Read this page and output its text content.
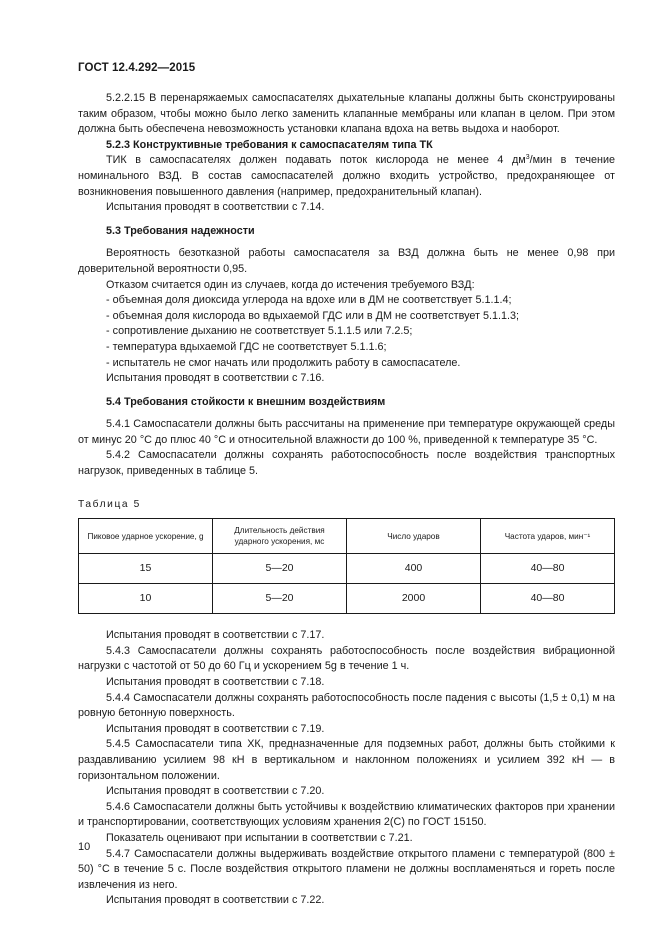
ГОСТ 12.4.292—2015
5.2.2.15 В перенаряжаемых самоспасателях дыхательные клапаны должны быть сконструированы таким образом, чтобы можно было легко заменить клапанные мембраны или клапан в целом. При этом должна быть обеспечена невозможность установки клапана вдоха на ветвь выдоха и наоборот.
5.2.3 Конструктивные требования к самоспасателям типа ТК
ТИК в самоспасателях должен подавать поток кислорода не менее 4 $дм^3$/мин в течение номинального ВЗД. В состав самоспасателей должно входить устройство, предохраняющее от возникновения повышенного давления (например, предохранительный клапан).
Испытания проводят в соответствии с 7.14.
5.3 Требования надежности
Вероятность безотказной работы самоспасателя за ВЗД должна быть не менее 0,98 при доверительной вероятности 0,95.
Отказом считается один из случаев, когда до истечения требуемого ВЗД:
- объемная доля диоксида углерода на вдохе или в ДМ не соответствует 5.1.1.4;
- объемная доля кислорода во вдыхаемой ГДС или в ДМ не соответствует 5.1.1.3;
- сопротивление дыханию не соответствует 5.1.1.5 или 7.2.5;
- температура вдыхаемой ГДС не соответствует 5.1.1.6;
- испытатель не смог начать или продолжить работу в самоспасателе.
Испытания проводят в соответствии с 7.16.
5.4 Требования стойкости к внешним воздействиям
5.4.1 Самоспасатели должны быть рассчитаны на применение при температуре окружающей среды от минус 20 °С до плюс 40 °С и относительной влажности до 100 %, приведенной к температуре 35 °С.
5.4.2 Самоспасатели должны сохранять работоспособность после воздействия транспортных нагрузок, приведенных в таблице 5.
Таблица 5
Пиковое ударное ускорение, g	Длительность действия ударного ускорения, мс	Число ударов	Частота ударов, мин⁻¹
15	5—20	400	40—80
10	5—20	2000	40—80
Испытания проводят в соответствии с 7.17.
5.4.3 Самоспасатели должны сохранять работоспособность после воздействия вибрационной нагрузки с частотой от 50 до 60 Гц и ускорением 5g в течение 1 ч.
Испытания проводят в соответствии с 7.18.
5.4.4 Самоспасатели должны сохранять работоспособность после падения с высоты (1,5 ± 0,1) м на ровную бетонную поверхность.
Испытания проводят в соответствии с 7.19.
5.4.5 Самоспасатели типа ХК, предназначенные для подземных работ, должны быть стойкими к раздавливанию усилием 98 кН в вертикальном и наклонном положениях и усилием 392 кН — в горизонтальном положении.
Испытания проводят в соответствии с 7.20.
5.4.6 Самоспасатели должны быть устойчивы к воздействию климатических факторов при хранении и транспортировании, соответствующих условиям хранения 2(С) по ГОСТ 15150.
Показатель оценивают при испытании в соответствии с 7.21.
5.4.7 Самоспасатели должны выдерживать воздействие открытого пламени с температурой (800 ± 50) °С в течение 5 с. После воздействия открытого пламени не должны воспламеняться и гореть после извлечения из него.
Испытания проводят в соответствии с 7.22.
10
